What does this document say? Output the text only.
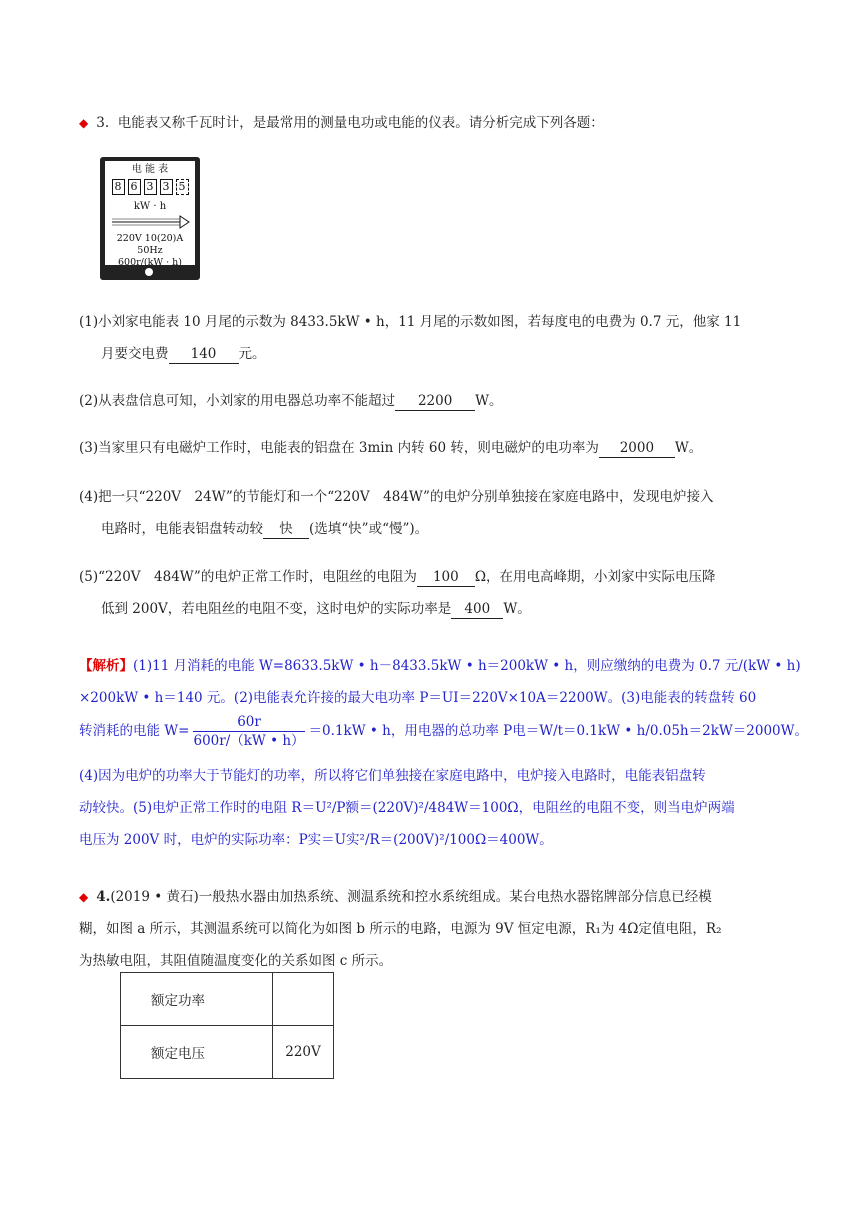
◆ 3. 电能表又称千瓦时计，是最常用的测量电功或电能的仪表。请分析完成下列各题：
电 能 表
8 6 3 3 5
kW · h
220V 10(20)A 50Hz
600r/(kW · h)
(1)小刘家电能表 10 月尾的示数为 8433.5kW • h，11 月尾的示数如图，若每度电的电费为 0.7 元，他家 11
月要交电费 140 元。
(2)从表盘信息可知，小刘家的用电器总功率不能超过 2200 W。
(3)当家里只有电磁炉工作时，电能表的铝盘在 3min 内转 60 转，则电磁炉的电功率为 2000 W。
(4)把一只“220V　24W”的节能灯和一个“220V　484W”的电炉分别单独接在家庭电路中，发现电炉接入
电路时，电能表铝盘转动较 快 (选填“快”或“慢”)。
(5)“220V　484W”的电炉正常工作时，电阻丝的电阻为 100 Ω，在用电高峰期，小刘家中实际电压降
低到 200V，若电阻丝的电阻不变，这时电炉的实际功率是 400 W。
【解析】(1)11 月消耗的电能 W=8633.5kW • h－8433.5kW • h＝200kW • h，则应缴纳的电费为 0.7 元/(kW • h)
×200kW • h＝140 元。(2)电能表允许接的最大电功率 P＝UI＝220V×10A＝2200W。(3)电能表的转盘转 60
转消耗的电能 $W= \frac{60r}{600r/(kW • h)} =0.1kW$ • h，用电器的总功率 P电＝W/t＝0.1kW • h/0.05h＝2kW＝2000W。
(4)因为电炉的功率大于节能灯的功率，所以将它们单独接在家庭电路中，电炉接入电路时，电能表铝盘转
动较快。(5)电炉正常工作时的电阻 R＝U²/P额＝(220V)²/484W＝100Ω，电阻丝的电阻不变，则当电炉两端
电压为 200V 时，电炉的实际功率：P实＝U实²/R＝(200V)²/100Ω＝400W。
◆ 4.(2019 • 黄石)一般热水器由加热系统、测温系统和控水系统组成。某台电热水器铭牌部分信息已经模
糊，如图 a 所示，其测温系统可以简化为如图 b 所示的电路，电源为 9V 恒定电源，R₁为 4Ω定值电阻，R₂
为热敏电阻，其阻值随温度变化的关系如图 c 所示。
额定功率	
额定电压	220V
